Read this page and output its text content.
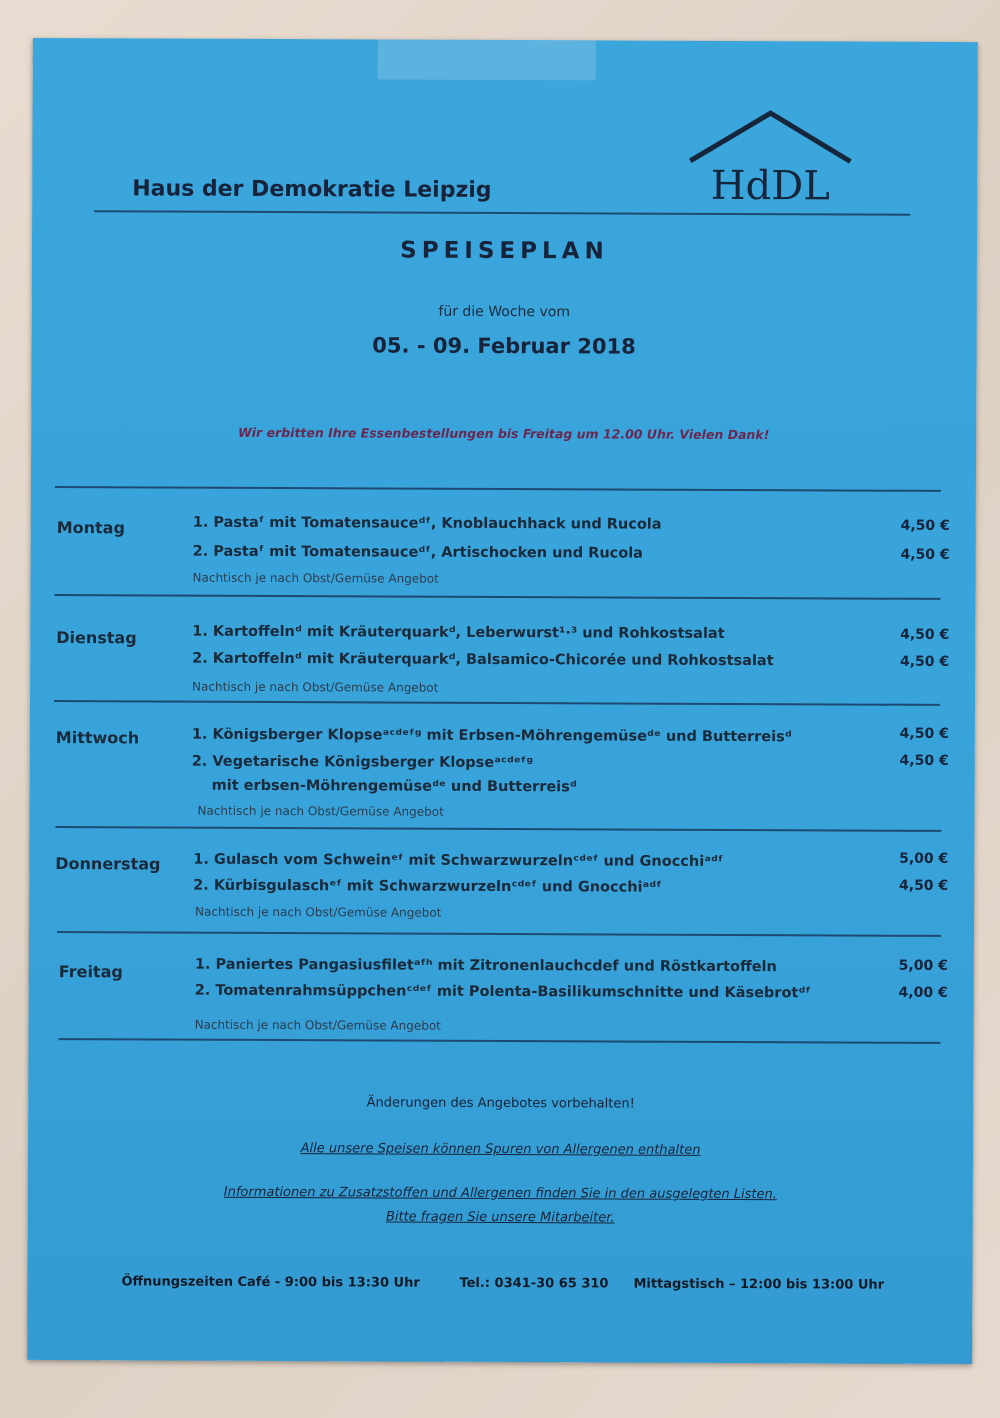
Haus der Demokratie Leipzig	HdDL
SPEISEPLAN
für die Woche vom
05. - 09. Februar 2018
Wir erbitten Ihre Essenbestellungen bis Freitag um 12.00 Uhr. Vielen Dank!
Montag	1. Pastaᶠ mit Tomatensauceᵈᶠ, Knoblauchhack und Rucola	4,50 €
2. Pastaᶠ mit Tomatensauceᵈᶠ, Artischocken und Rucola	4,50 €
Nachtisch je nach Obst/Gemüse Angebot
Dienstag	1. Kartoffelnᵈ mit Kräuterquarkᵈ, Leberwurst¹·³ und Rohkostsalat	4,50 €
2. Kartoffelnᵈ mit Kräuterquarkᵈ, Balsamico-Chicorée und Rohkostsalat	4,50 €
Nachtisch je nach Obst/Gemüse Angebot
Mittwoch	1. Königsberger Klopseᵃᶜᵈᵉᶠᵍ mit Erbsen-Möhrengemüseᵈᵉ und Butterreisᵈ	4,50 €
2. Vegetarische Königsberger Klopseᵃᶜᵈᵉᶠᵍ	4,50 €
mit erbsen-Möhrengemüseᵈᵉ und Butterreisᵈ
Nachtisch je nach Obst/Gemüse Angebot
Donnerstag 1. Gulasch vom Schweinᵉᶠ mit Schwarzwurzelnᶜᵈᵉᶠ und Gnocchiᵃᵈᶠ	5,00 €
2. Kürbisgulaschᵉᶠ mit Schwarzwurzelnᶜᵈᵉᶠ und Gnocchiᵃᵈᶠ	4,50 €
Nachtisch je nach Obst/Gemüse Angebot
Freitag	1. Paniertes Pangasiusfiletᵃᶠʰ mit Zitronenlauchcdef und Röstkartoffeln	5,00 €
2. Tomatenrahmsüppchenᶜᵈᵉᶠ mit Polenta-Basilikumschnitte und Käsebrotᵈᶠ	4,00 €
Nachtisch je nach Obst/Gemüse Angebot
Änderungen des Angebotes vorbehalten!
Alle unsere Speisen können Spuren von Allergenen enthalten
Informationen zu Zusatzstoffen und Allergenen finden Sie in den ausgelegten Listen.
Bitte fragen Sie unsere Mitarbeiter.
Öffnungszeiten Café - 9:00 bis 13:30 Uhr	Tel.: 0341-30 65 310 Mittagstisch – 12:00 bis 13:00 Uhr
